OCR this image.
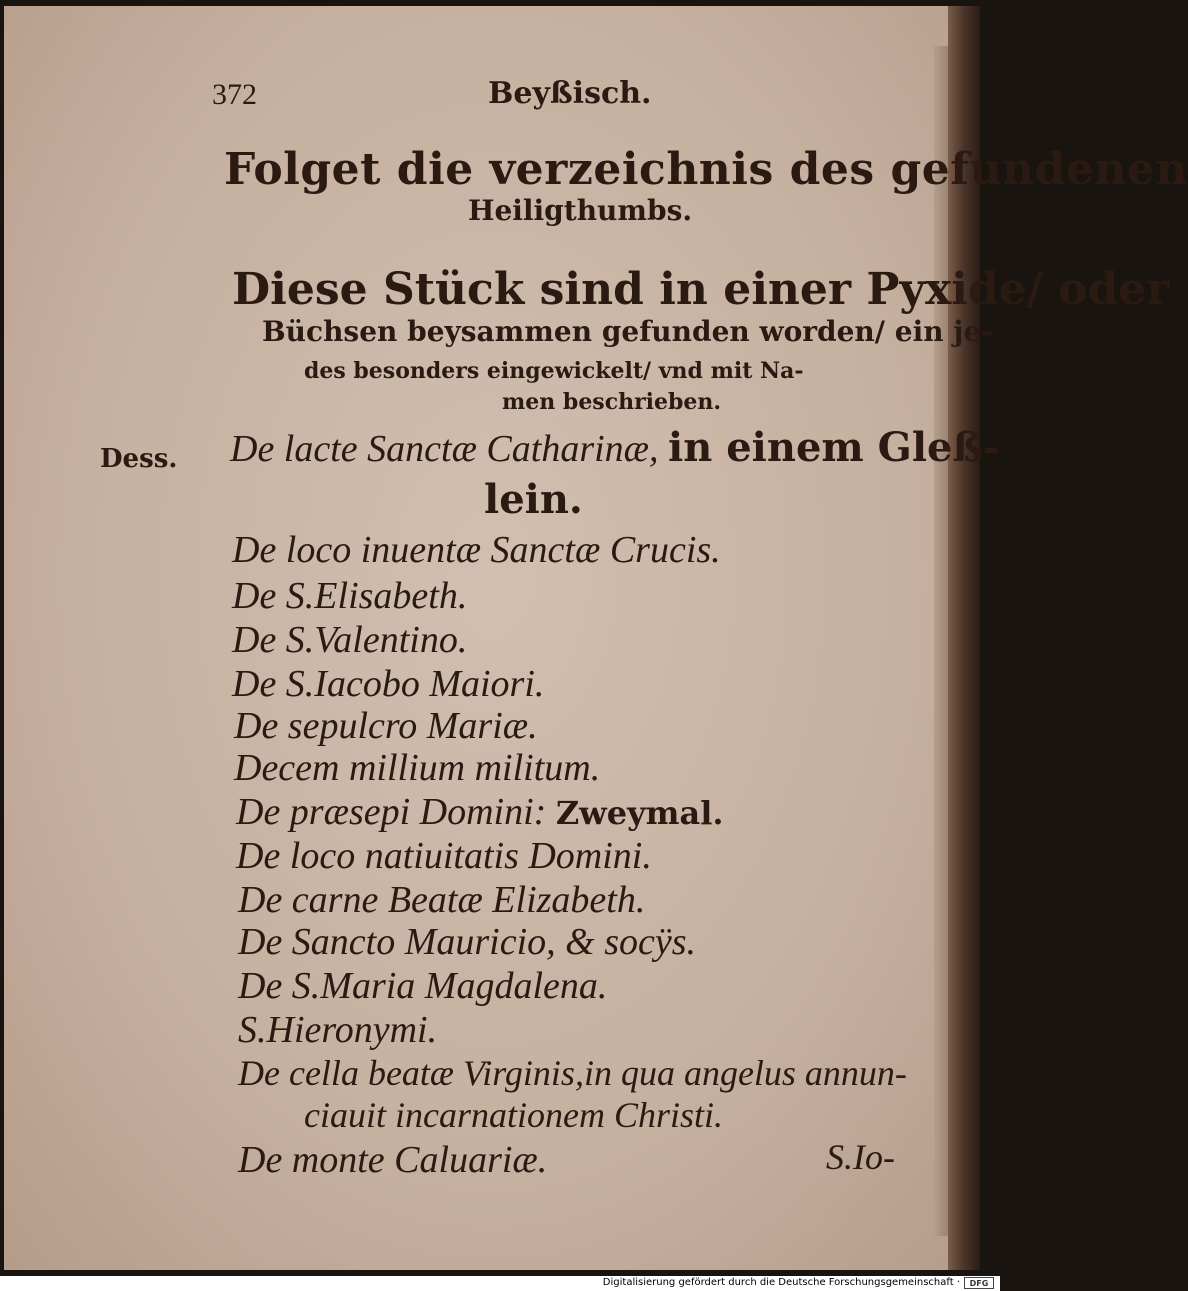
372	Beyßisch.
Folget die verzeichnis des gefundenen
Heiligthumbs.
Diese Stück sind in einer Pyxide/ oder
Büchsen beysammen gefunden worden/ ein je-
des besonders eingewickelt/ vnd mit Na-
men beschrieben.
Dess. De lacte Sanctæ Catharinæ, in einem Gleß-
lein.
De loco inuentæ Sanctæ Crucis.
De S.Elisabeth.
De S.Valentino.
De S.Iacobo Maiori.
De sepulcro Mariæ.
Decem millium militum.
De præsepi Domini: Zweymal.
De loco natiuitatis Domini.
De carne Beatæ Elizabeth.
De Sancto Mauricio, & socÿs.
De S.Maria Magdalena.
S.Hieronymi.
De cella beatæ Virginis,in qua angelus annun-
ciauit incarnationem Christi.
De monte Caluariæ.	S.Io-
Digitalisierung gefördert durch die Deutsche Forschungsgemeinschaft ·	DFG
